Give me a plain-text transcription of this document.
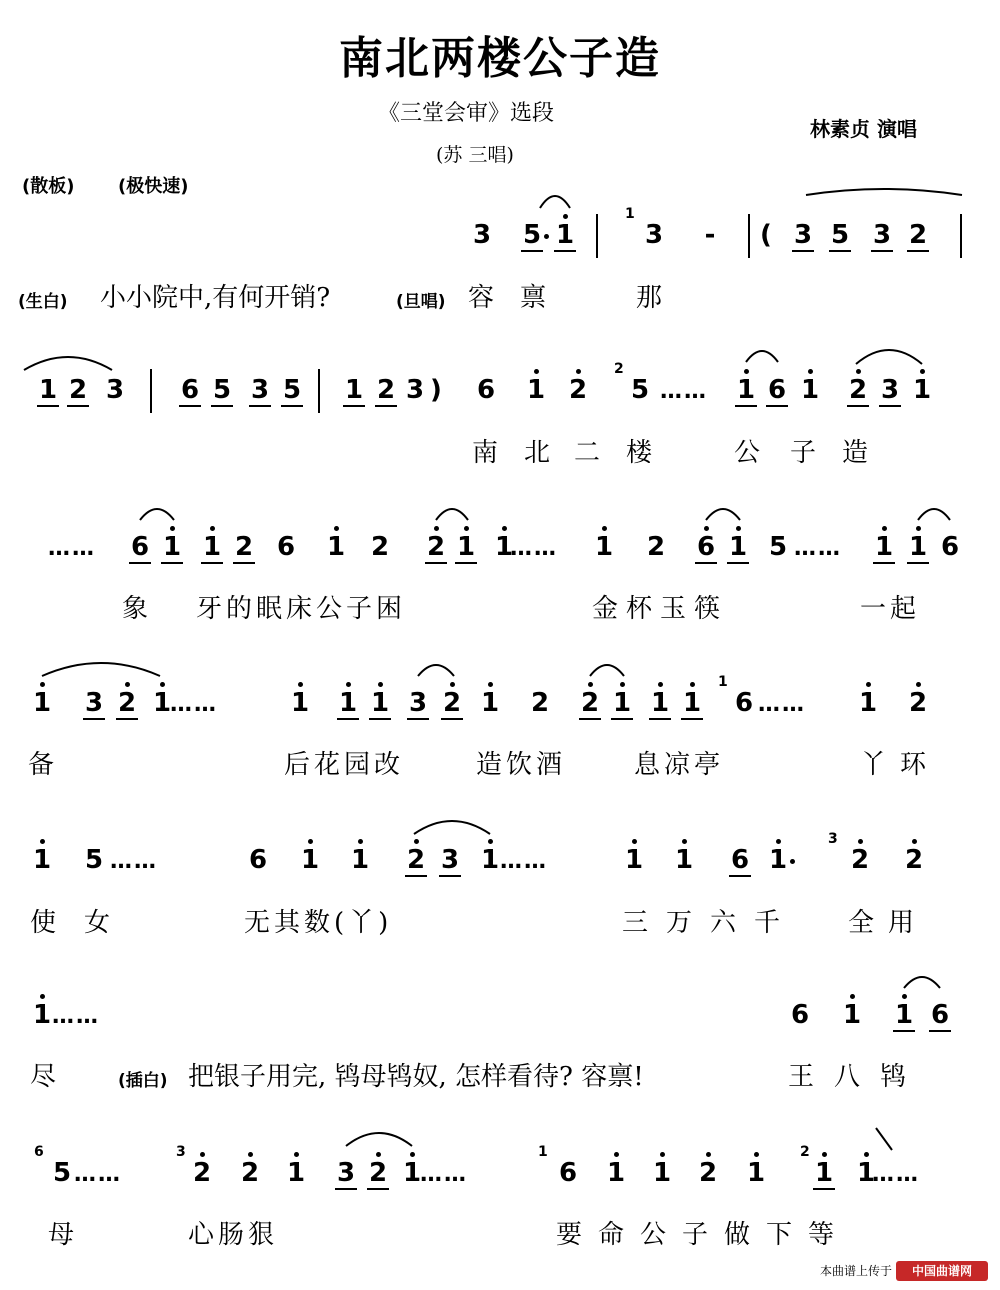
南北两楼公子造
《三堂会审》选段
林素贞 演唱
(苏 三唱)
(散板) (极快速)
3 5 1
1
3 - ( 3 5 3 2
(生白) 小小院中,有何开销?	(旦唱) 容 禀	那
1 2 3 6 5 3 5 1 2 3 ) 6 1 2
2
5 …… 1 6 1 2 3 1
南 北 二 楼	公 子 造
…… 6 1 1 2 6 1 2 2 1 1
…… 1 2 6 1 5 …… 1 1 6
象 牙的眠床公子困	金杯玉筷	一起
1 3 2 1
……	1 1 1 3 2 1 2 2 1 1 1
1
6 …… 1 2
备	后花园改	造饮酒	息凉亭	丫环
1 5 ……	6 1 1 2 3 1 ……	1 1 6 1
3
2 2
使女	无其数(丫)	三万六千 全用
1 ……	6 1 1 6
尽	(插白) 把银子用完, 鸨母鸨奴, 怎样看待? 容禀!	王八鸨
6
5 ……
3
2 2 1 3 2 1
……
1
6 1 1 2 1
2
1 1
……
母	心肠狠	要命公子做下等
本曲谱上传于	中国曲谱网
